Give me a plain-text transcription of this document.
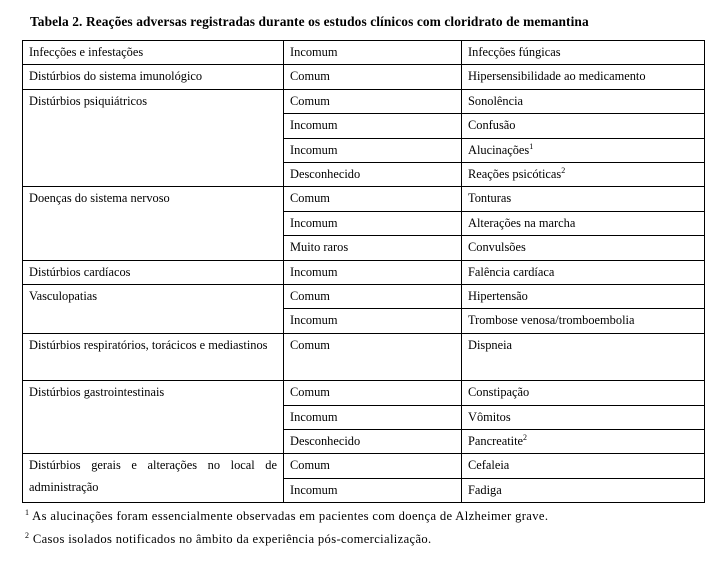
Tabela 2. Reações adversas registradas durante os estudos clínicos com cloridrato de memantina
Infecções e infestações	Incomum	Infecções fúngicas
Distúrbios do sistema imunológico	Comum	Hipersensibilidade ao medicamento
Distúrbios psiquiátricos	Comum	Sonolência
	Incomum	Confusão
	Incomum	Alucinações$^1$
	Desconhecido	Reações psicóticas$^2$
Doenças do sistema nervoso	Comum	Tonturas
	Incomum	Alterações na marcha
	Muito raros	Convulsões
Distúrbios cardíacos	Incomum	Falência cardíaca
Vasculopatias	Comum	Hipertensão
	Incomum	Trombose venosa/tromboembolia
Distúrbios respiratórios, torácicos e mediastinos	Comum	Dispneia
Distúrbios gastrointestinais	Comum	Constipação
	Incomum	Vômitos
	Desconhecido	Pancreatite$^2$
Distúrbios gerais e alterações no local de administração	Comum	Cefaleia
	Incomum	Fadiga
$^1$ As alucinações foram essencialmente observadas em pacientes com doença de Alzheimer grave.
$^2$ Casos isolados notificados no âmbito da experiência pós-comercialização.
